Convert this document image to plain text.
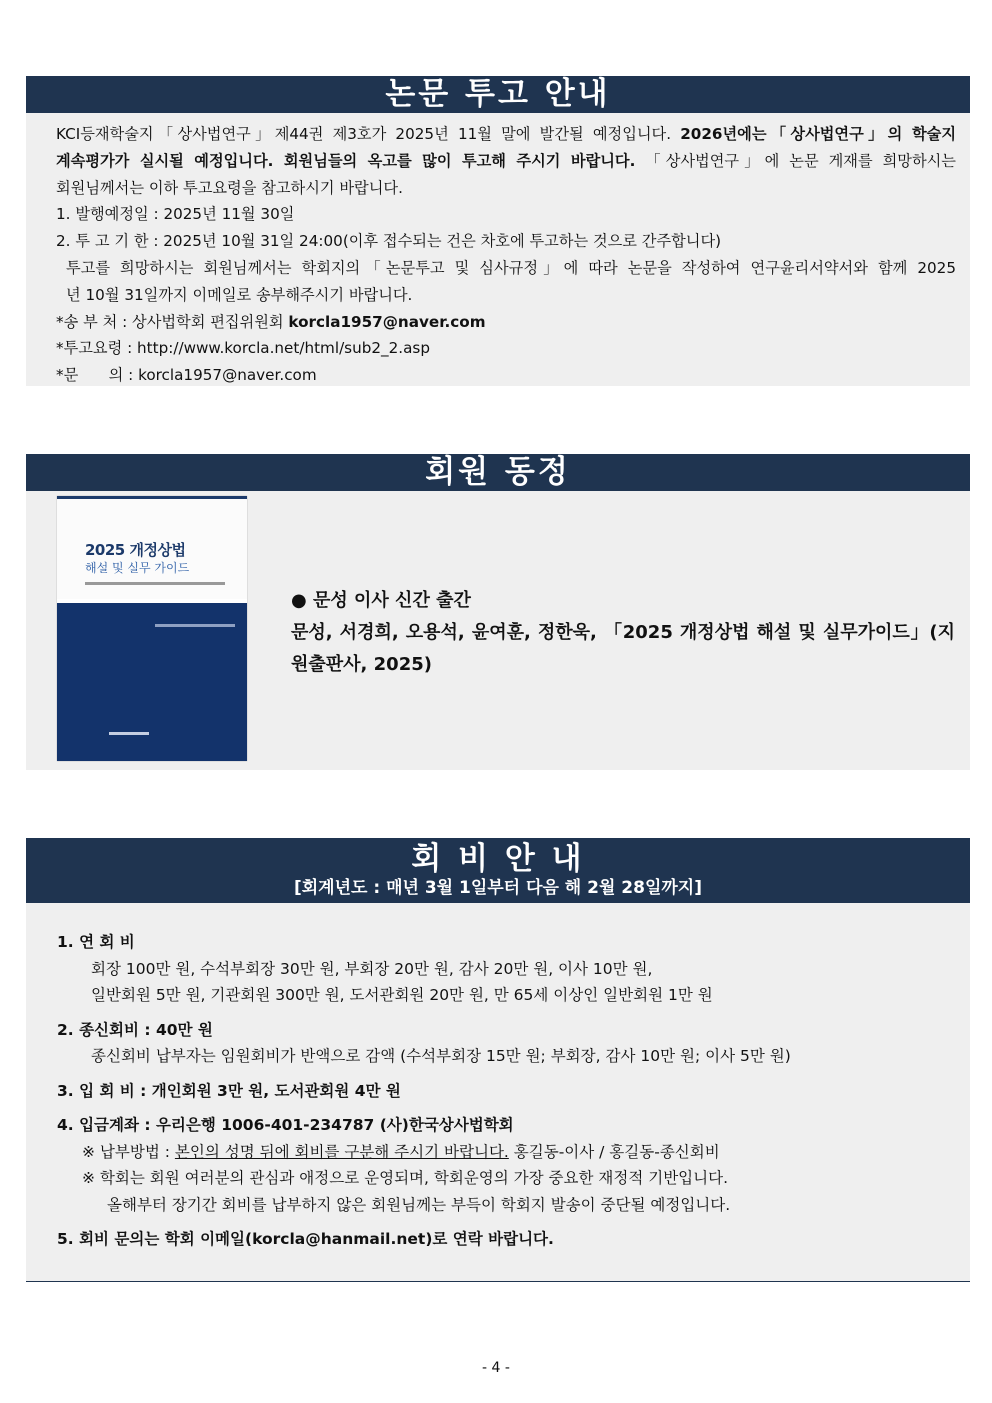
논문 투고 안내
KCI등재학술지「상사법연구」제44권 제3호가 2025년 11월 말에 발간될 예정입니다. 2026년에는「상사법연구」의 학술지
계속평가가 실시될 예정입니다. 회원님들의 옥고를 많이 투고해 주시기 바랍니다. 「상사법연구」에 논문 게재를 희망하시는
회원님께서는 이하 투고요령을 참고하시기 바랍니다.
1. 발행예정일 : 2025년 11월 30일
2. 투 고 기 한 : 2025년 10월 31일 24:00(이후 접수되는 건은 차호에 투고하는 것으로 간주합니다)
투고를 희망하시는 회원님께서는 학회지의「논문투고 및 심사규정」에 따라 논문을 작성하여 연구윤리서약서와 함께 2025
년 10월 31일까지 이메일로 송부해주시기 바랍니다.
*송 부 처 : 상사법학회 편집위원회 korcla1957@naver.com
*투고요령 : http://www.korcla.net/html/sub2_2.asp
*문　　의 : korcla1957@naver.com
회원 동정
2025 개정상법
해설 및 실무 가이드
● 문성 이사 신간 출간
문성, 서경희, 오용석, 윤여훈, 정한욱, 「2025 개정상법 해설 및 실무가이드」(지원출판사, 2025)
회 비 안 내
[회계년도 : 매년 3월 1일부터 다음 해 2월 28일까지]
1. 연 회 비
회장 100만 원, 수석부회장 30만 원, 부회장 20만 원, 감사 20만 원, 이사 10만 원,
일반회원 5만 원, 기관회원 300만 원, 도서관회원 20만 원, 만 65세 이상인 일반회원 1만 원
2. 종신회비 : 40만 원
종신회비 납부자는 임원회비가 반액으로 감액 (수석부회장 15만 원; 부회장, 감사 10만 원; 이사 5만 원)
3. 입 회 비 : 개인회원 3만 원, 도서관회원 4만 원
4. 입금계좌 : 우리은행 1006-401-234787 (사)한국상사법학회
※ 납부방법 : 본인의 성명 뒤에 회비를 구분해 주시기 바랍니다. 홍길동-이사 / 홍길동-종신회비
※ 학회는 회원 여러분의 관심과 애정으로 운영되며, 학회운영의 가장 중요한 재정적 기반입니다.
올해부터 장기간 회비를 납부하지 않은 회원님께는 부득이 학회지 발송이 중단될 예정입니다.
5. 회비 문의는 학회 이메일(korcla@hanmail.net)로 연락 바랍니다.
- 4 -
